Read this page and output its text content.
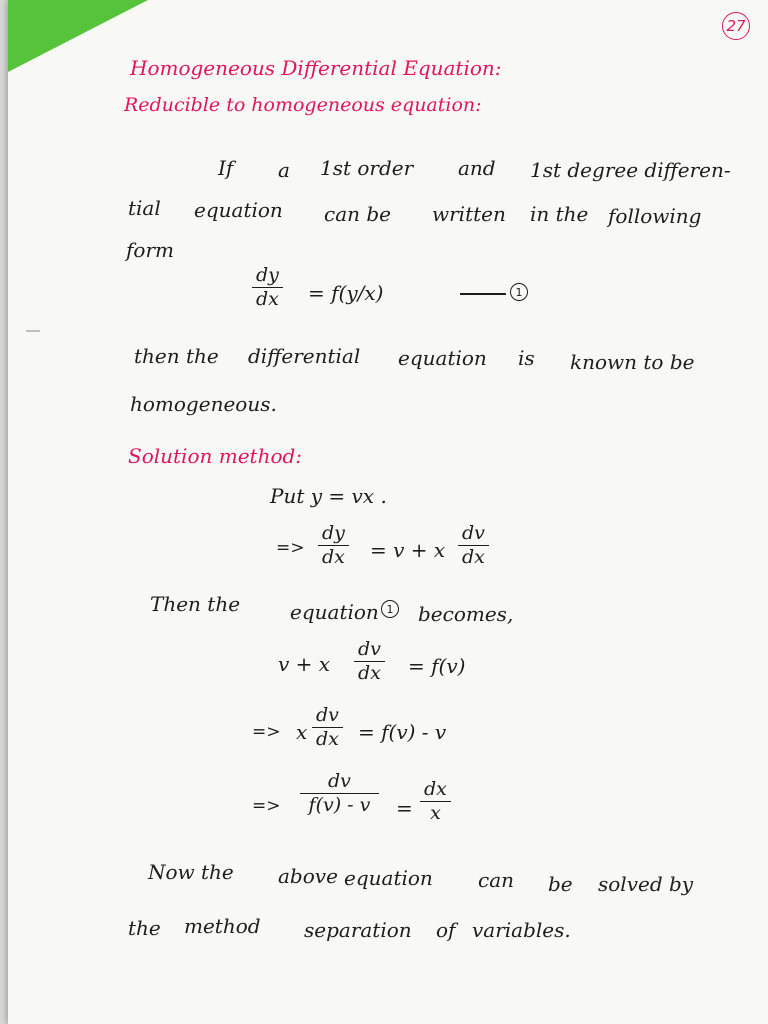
27

Homogeneous Differential Equation:

Reducible to homogeneous equation:

If a 1st order and 1st degree differen-

tial equation can be written in the following

form

$\frac{dy}{dx} = f(y/x)$	1

then the differential equation is known to be

homogeneous.

Solution method:

Put y = vx .

=> $\frac{dy}{dx} = v + x \frac{dv}{dx}$

Then the equation 1 becomes,

v + x $\frac{dv}{dx} = f(v)$

=> x $\frac{dv}{dx} = f(v) - v$

=> $\frac{dv}{f(v) - v} = \frac{dx}{x}$

Now the above equation can be solved by

the method separation of variables.
